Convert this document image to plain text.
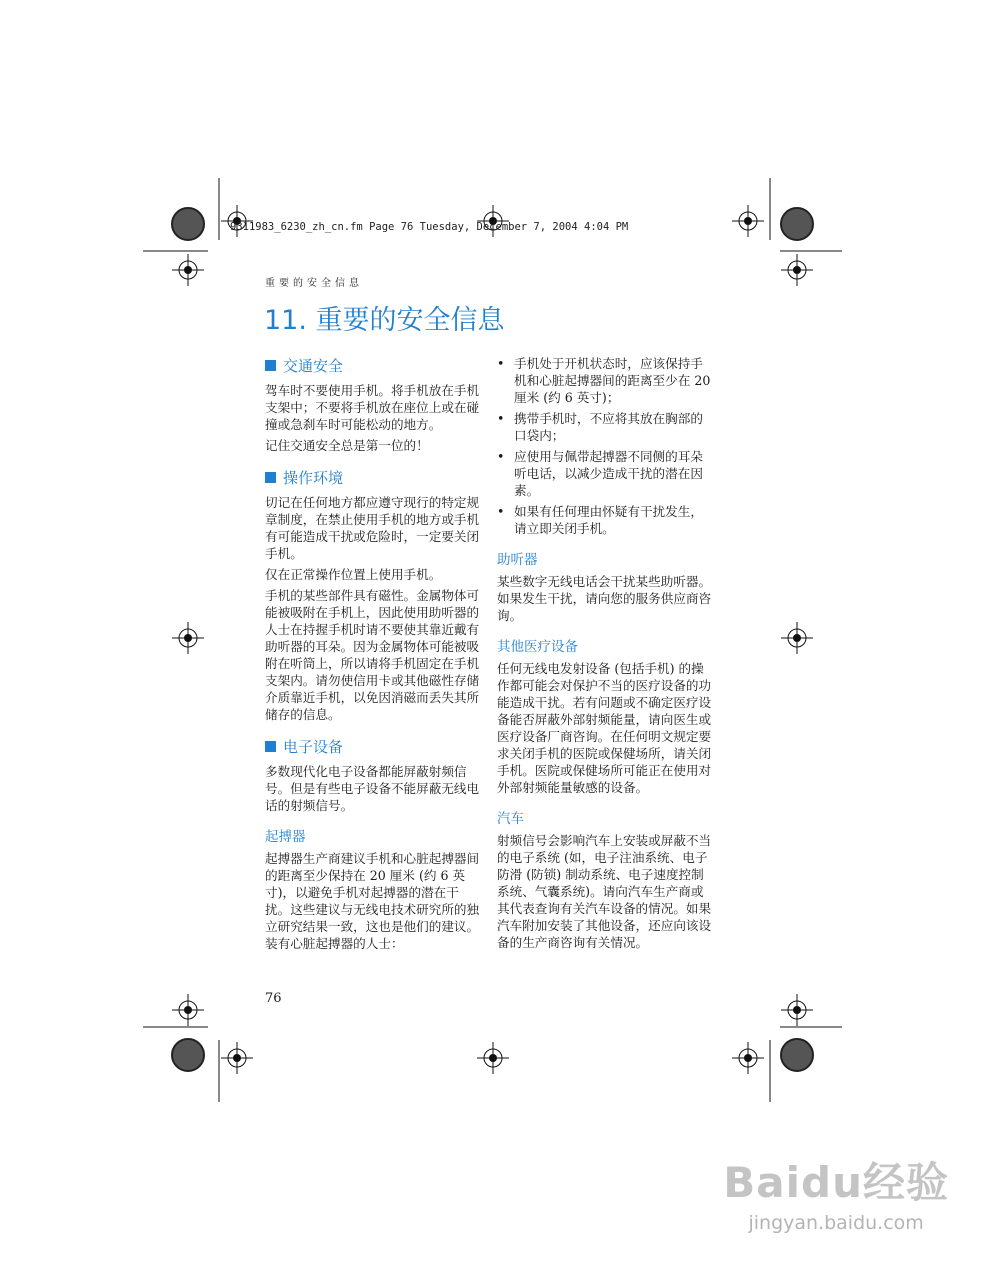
9311983_6230_zh_cn.fm Page 76 Tuesday, December 7, 2004 4:04 PM
重要的安全信息
11. 重要的安全信息
交通安全

驾车时不要使用手机。将手机放在手机支架中；不要将手机放在座位上或在碰撞或急刹车时可能松动的地方。

记住交通安全总是第一位的！

操作环境

切记在任何地方都应遵守现行的特定规章制度，在禁止使用手机的地方或手机有可能造成干扰或危险时，一定要关闭手机。

仅在正常操作位置上使用手机。

手机的某些部件具有磁性。金属物体可能被吸附在手机上，因此使用助听器的人士在持握手机时请不要使其靠近戴有助听器的耳朵。因为金属物体可能被吸附在听筒上，所以请将手机固定在手机支架内。请勿使信用卡或其他磁性存储介质靠近手机，以免因消磁而丢失其所储存的信息。

电子设备

多数现代化电子设备都能屏蔽射频信号。但是有些电子设备不能屏蔽无线电话的射频信号。

起搏器

起搏器生产商建议手机和心脏起搏器间的距离至少保持在 20 厘米 (约 6 英寸)，以避免手机对起搏器的潜在干扰。这些建议与无线电技术研究所的独立研究结果一致，这也是他们的建议。装有心脏起搏器的人士：

• 手机处于开机状态时，应该保持手机和心脏起搏器间的距离至少在 20 厘米 (约 6 英寸)；
• 携带手机时，不应将其放在胸部的口袋内；
• 应使用与佩带起搏器不同侧的耳朵听电话，以减少造成干扰的潜在因素。
• 如果有任何理由怀疑有干扰发生，请立即关闭手机。
助听器

某些数字无线电话会干扰某些助听器。如果发生干扰，请向您的服务供应商咨询。

其他医疗设备

任何无线电发射设备 (包括手机) 的操作都可能会对保护不当的医疗设备的功能造成干扰。若有问题或不确定医疗设备能否屏蔽外部射频能量，请向医生或医疗设备厂商咨询。在任何明文规定要求关闭手机的医院或保健场所，请关闭手机。医院或保健场所可能正在使用对外部射频能量敏感的设备。

汽车

射频信号会影响汽车上安装或屏蔽不当的电子系统 (如，电子注油系统、电子防滑 (防锁) 制动系统、电子速度控制系统、气囊系统)。请向汽车生产商或其代表查询有关汽车设备的情况。如果汽车附加安装了其他设备，还应向该设备的生产商咨询有关情况。

76
Baidu经验
jingyan.baidu.com
